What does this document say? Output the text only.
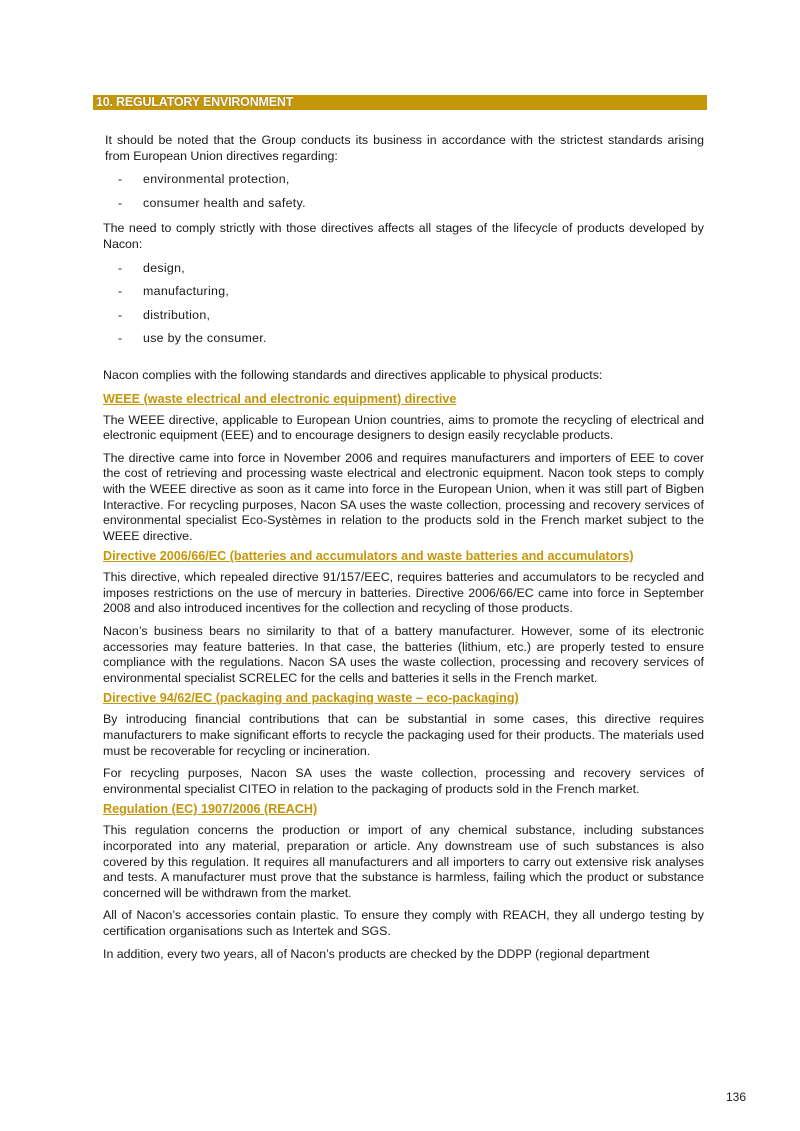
10. REGULATORY ENVIRONMENT

It should be noted that the Group conducts its business in accordance with the strictest standards arising from European Union directives regarding:

- environmental protection,
- consumer health and safety.

The need to comply strictly with those directives affects all stages of the lifecycle of products developed by Nacon:

- design,
- manufacturing,
- distribution,
- use by the consumer.

Nacon complies with the following standards and directives applicable to physical products:

WEEE (waste electrical and electronic equipment) directive

The WEEE directive, applicable to European Union countries, aims to promote the recycling of electrical and electronic equipment (EEE) and to encourage designers to design easily recyclable products.

The directive came into force in November 2006 and requires manufacturers and importers of EEE to cover the cost of retrieving and processing waste electrical and electronic equipment. Nacon took steps to comply with the WEEE directive as soon as it came into force in the European Union, when it was still part of Bigben Interactive. For recycling purposes, Nacon SA uses the waste collection, processing and recovery services of environmental specialist Eco-Systèmes in relation to the products sold in the French market subject to the WEEE directive.

Directive 2006/66/EC (batteries and accumulators and waste batteries and accumulators)

This directive, which repealed directive 91/157/EEC, requires batteries and accumulators to be recycled and imposes restrictions on the use of mercury in batteries. Directive 2006/66/EC came into force in September 2008 and also introduced incentives for the collection and recycling of those products.

Nacon’s business bears no similarity to that of a battery manufacturer. However, some of its electronic accessories may feature batteries. In that case, the batteries (lithium, etc.) are properly tested to ensure compliance with the regulations. Nacon SA uses the waste collection, processing and recovery services of environmental specialist SCRELEC for the cells and batteries it sells in the French market.

Directive 94/62/EC (packaging and packaging waste – eco-packaging)

By introducing financial contributions that can be substantial in some cases, this directive requires manufacturers to make significant efforts to recycle the packaging used for their products. The materials used must be recoverable for recycling or incineration.

For recycling purposes, Nacon SA uses the waste collection, processing and recovery services of environmental specialist CITEO in relation to the packaging of products sold in the French market.

Regulation (EC) 1907/2006 (REACH)

This regulation concerns the production or import of any chemical substance, including substances incorporated into any material, preparation or article. Any downstream use of such substances is also covered by this regulation. It requires all manufacturers and all importers to carry out extensive risk analyses and tests. A manufacturer must prove that the substance is harmless, failing which the product or substance concerned will be withdrawn from the market.

All of Nacon’s accessories contain plastic. To ensure they comply with REACH, they all undergo testing by certification organisations such as Intertek and SGS.

In addition, every two years, all of Nacon’s products are checked by the DDPP (regional department

136
